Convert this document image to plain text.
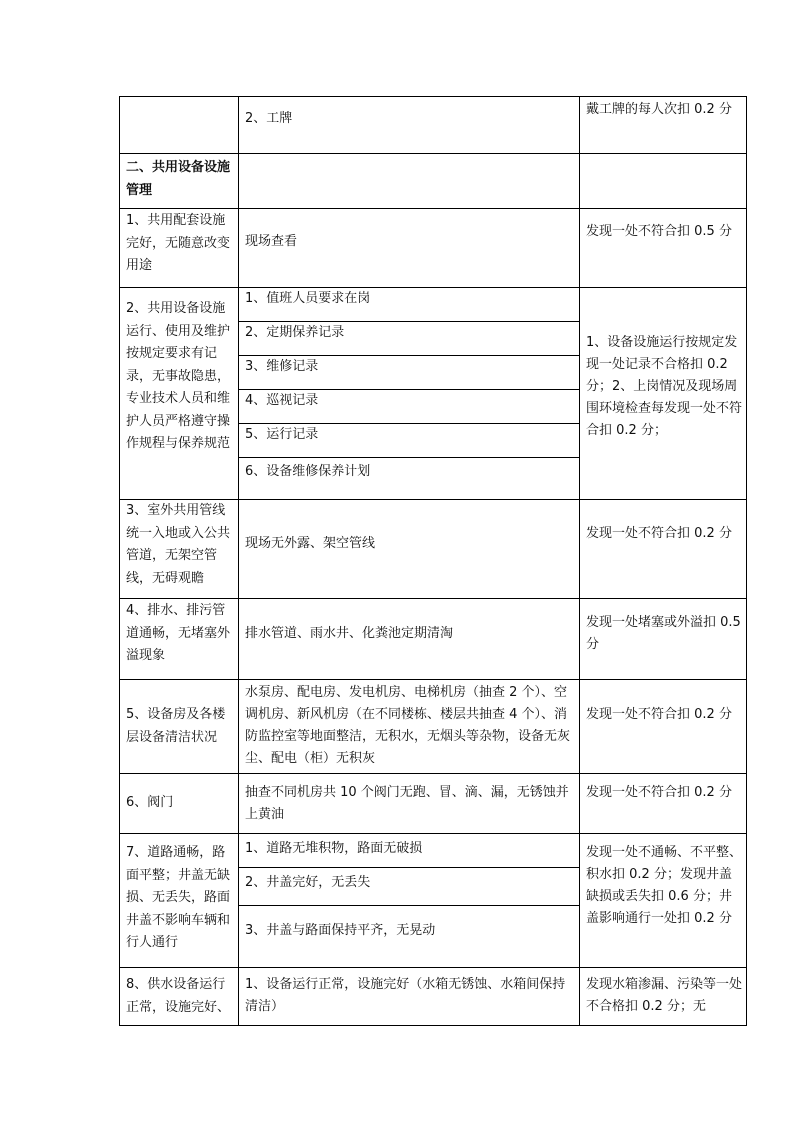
2、工牌
戴工牌的每人次扣 0.2 分
二、共用设备设施管理
1、共用配套设施完好，无随意改变用途
现场查看
发现一处不符合扣 0.5 分
2、共用设备设施运行、使用及维护按规定要求有记录，无事故隐患，专业技术人员和维护人员严格遵守操作规程与保养规范
1、值班人员要求在岗
2、定期保养记录
3、维修记录
4、巡视记录
5、运行记录
6、设备维修保养计划
1、设备设施运行按规定发现一处记录不合格扣 0.2 分；2、上岗情况及现场周围环境检查每发现一处不符合扣 0.2 分；
3、室外共用管线统一入地或入公共管道，无架空管线，无碍观瞻
现场无外露、架空管线
发现一处不符合扣 0.2 分
4、排水、排污管道通畅，无堵塞外溢现象
排水管道、雨水井、化粪池定期清淘
发现一处堵塞或外溢扣 0.5 分
5、设备房及各楼层设备清洁状况
水泵房、配电房、发电机房、电梯机房（抽查 2 个）、空调机房、新风机房（在不同楼栋、楼层共抽查 4 个）、消防监控室等地面整洁，无积水，无烟头等杂物，设备无灰尘、配电（柜）无积灰
发现一处不符合扣 0.2 分
6、阀门
抽查不同机房共 10 个阀门无跑、冒、滴、漏，无锈蚀并上黄油
发现一处不符合扣 0.2 分
7、道路通畅，路面平整；井盖无缺损、无丢失，路面井盖不影响车辆和行人通行
1、道路无堆积物，路面无破损
2、井盖完好，无丢失
3、井盖与路面保持平齐，无晃动
发现一处不通畅、不平整、积水扣 0.2 分；发现井盖缺损或丢失扣 0.6 分；井盖影响通行一处扣 0.2 分
8、供水设备运行正常，设施完好、
1、设备运行正常，设施完好（水箱无锈蚀、水箱间保持清洁）
发现水箱渗漏、污染等一处不合格扣 0.2 分；无
